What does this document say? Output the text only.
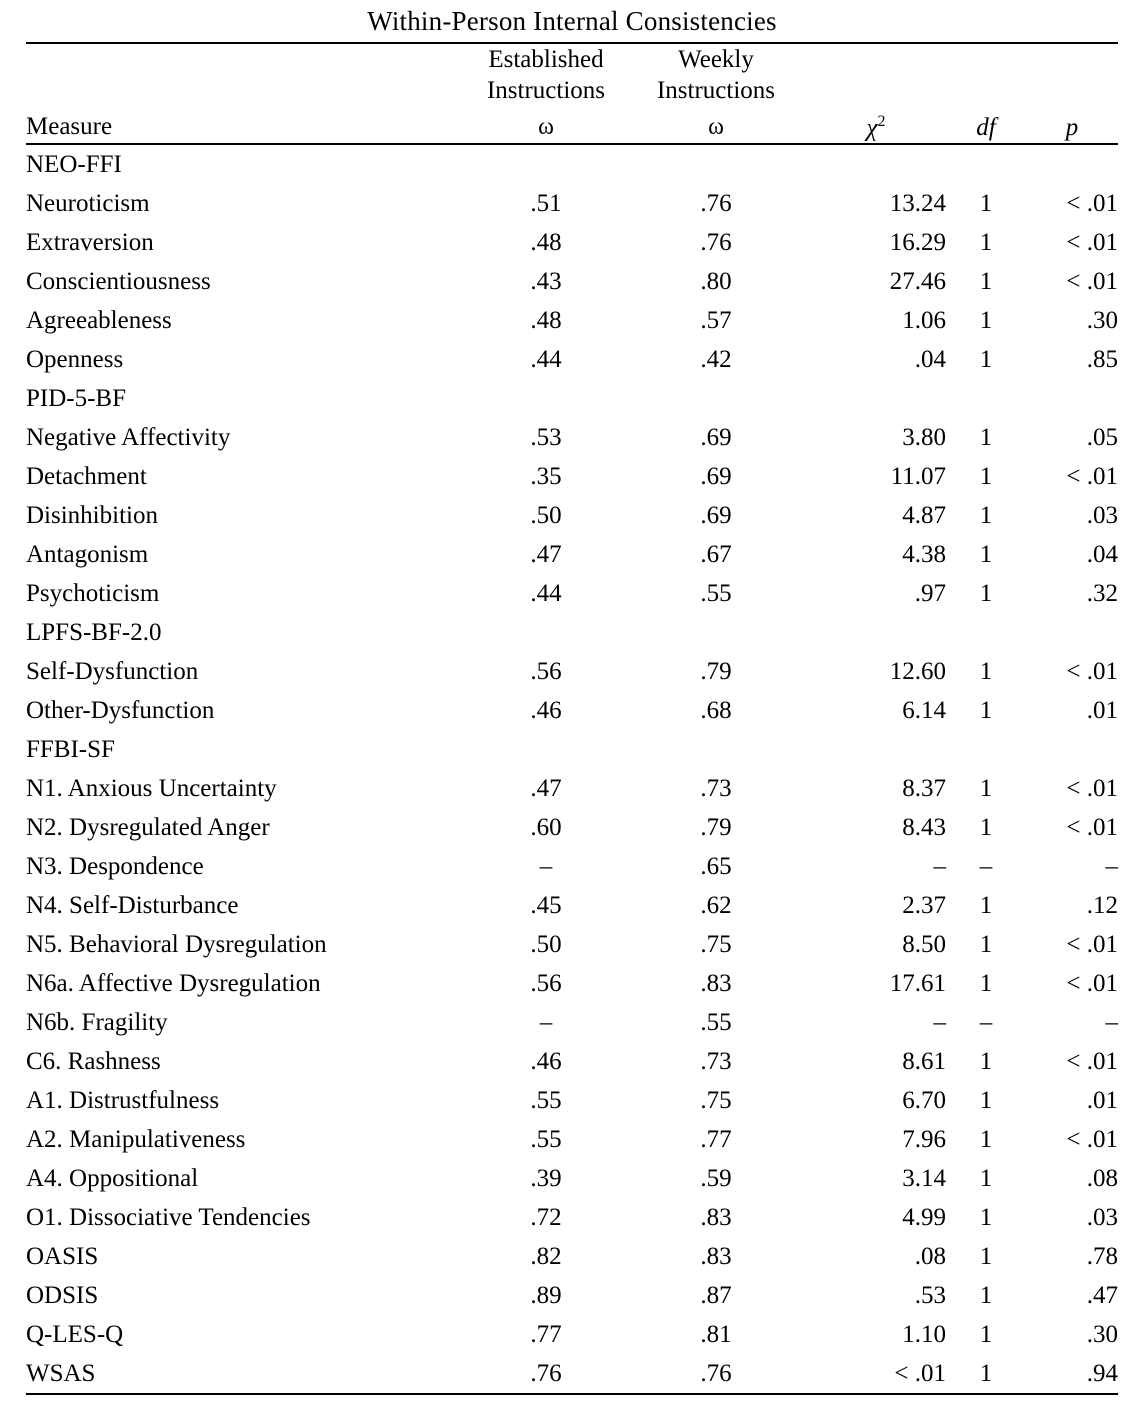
Within-Person Internal Consistencies
	Established	Weekly			
	Instructions	Instructions			
Measure	ω	ω	$\chi^2$	df	p
NEO-FFI					
Neuroticism	.51	.76	13.24	1	< .01
Extraversion	.48	.76	16.29	1	< .01
Conscientiousness	.43	.80	27.46	1	< .01
Agreeableness	.48	.57	1.06	1	.30
Openness	.44	.42	.04	1	.85
PID-5-BF					
Negative Affectivity	.53	.69	3.80	1	.05
Detachment	.35	.69	11.07	1	< .01
Disinhibition	.50	.69	4.87	1	.03
Antagonism	.47	.67	4.38	1	.04
Psychoticism	.44	.55	.97	1	.32
LPFS-BF-2.0					
Self-Dysfunction	.56	.79	12.60	1	< .01
Other-Dysfunction	.46	.68	6.14	1	.01
FFBI-SF					
N1. Anxious Uncertainty	.47	.73	8.37	1	< .01
N2. Dysregulated Anger	.60	.79	8.43	1	< .01
N3. Despondence	–	.65	–	–	–
N4. Self-Disturbance	.45	.62	2.37	1	.12
N5. Behavioral Dysregulation	.50	.75	8.50	1	< .01
N6a. Affective Dysregulation	.56	.83	17.61	1	< .01
N6b. Fragility	–	.55	–	–	–
C6. Rashness	.46	.73	8.61	1	< .01
A1. Distrustfulness	.55	.75	6.70	1	.01
A2. Manipulativeness	.55	.77	7.96	1	< .01
A4. Oppositional	.39	.59	3.14	1	.08
O1. Dissociative Tendencies	.72	.83	4.99	1	.03
OASIS	.82	.83	.08	1	.78
ODSIS	.89	.87	.53	1	.47
Q-LES-Q	.77	.81	1.10	1	.30
WSAS	.76	.76	< .01	1	.94
